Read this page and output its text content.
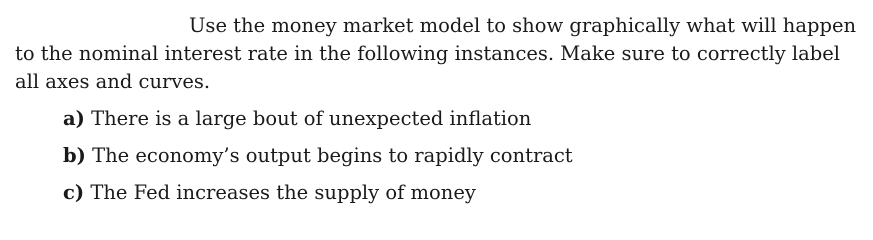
Use the money market model to show graphically what will happen to the nominal interest rate in the following instances. Make sure to correctly label all axes and curves.

a) There is a large bout of unexpected inflation
b) The economy’s output begins to rapidly contract
c) The Fed increases the supply of money
